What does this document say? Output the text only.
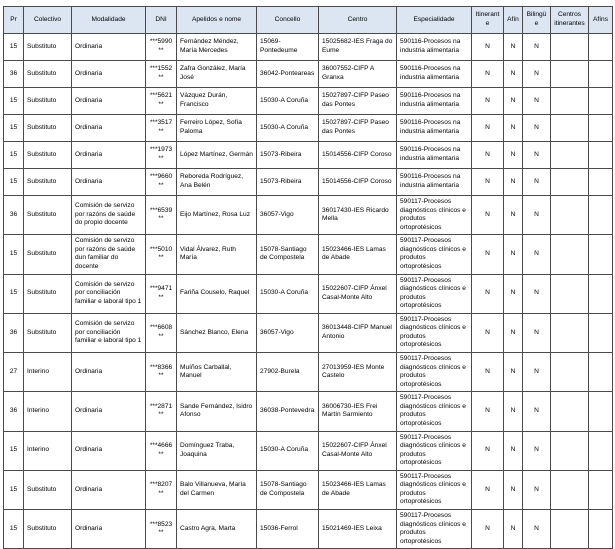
Pr	Colectivo	Modalidade	DNI	Apelidos e nome	Concello	Centro	Especialidade	Itinerante	Afín	Bilingüe	Centros itinerantes	Afíns
15	Substituto	Ordinaria	***5990**	Fernández Méndez, María Mercedes	15069-Pontedeume	15025682-IES Fraga do Eume	590116-Procesos na industria alimentaria	N	N	N		
36	Substituto	Ordinaria	***1552**	Zafra González, María José	36042-Ponteareas	36007552-CIFP A Granxa	590116-Procesos na industria alimentaria	N	N	N		
15	Substituto	Ordinaria	***5621**	Vázquez Durán, Francisco	15030-A Coruña	15027897-CIFP Paseo das Pontes	590116-Procesos na industria alimentaria	N	N	N		
15	Substituto	Ordinaria	***3517**	Ferreiro López, Sofía Paloma	15030-A Coruña	15027897-CIFP Paseo das Pontes	590116-Procesos na industria alimentaria	N	N	N		
15	Substituto	Ordinaria	***1973**	López Martínez, Germán	15073-Ribeira	15014556-CIFP Coroso	590116-Procesos na industria alimentaria	N	N	N		
15	Substituto	Ordinaria	***9660**	Reboreda Rodríguez, Ana Belén	15073-Ribeira	15014556-CIFP Coroso	590116-Procesos na industria alimentaria	N	N	N		
36	Substituto	Comisión de servizo por razóns de saúde do propio docente	***6539**	Eijo Martínez, Rosa Luz	36057-Vigo	36017430-IES Ricardo Mella	590117-Procesos diagnósticos clínicos e produtos ortoprotésicos	N	N	N		
15	Substituto	Comisión de servizo por razóns de saúde dun familiar do docente	***5010**	Vidal Álvarez, Ruth María	15078-Santiago de Compostela	15023466-IES Lamas de Abade	590117-Procesos diagnósticos clínicos e produtos ortoprotésicos	N	N	N		
15	Substituto	Comisión de servizo por conciliación familiar e laboral tipo 1	***9471**	Fariña Couselo, Raquel	15030-A Coruña	15022607-CIFP Ánxel Casal-Monte Alto	590117-Procesos diagnósticos clínicos e produtos ortoprotésicos	N	N	N		
36	Substituto	Comisión de servizo por conciliación familiar e laboral tipo 1	***6608**	Sánchez Blanco, Elena	36057-Vigo	36013448-CIFP Manuel Antonio	590117-Procesos diagnósticos clínicos e produtos ortoprotésicos	N	N	N		
27	Interino	Ordinaria	***8366**	Muíños Carballal, Manuel	27902-Burela	27013959-IES Monte Castelo	590117-Procesos diagnósticos clínicos e produtos ortoprotésicos	N	N	N		
36	Interino	Ordinaria	***2871**	Sande Fernández, Isidro Afonso	36038-Pontevedra	36006730-IES Frei Martín Sarmiento	590117-Procesos diagnósticos clínicos e produtos ortoprotésicos	N	N	N		
15	Interino	Ordinaria	***4666**	Domínguez Traba, Joaquina	15030-A Coruña	15022607-CIFP Ánxel Casal-Monte Alto	590117-Procesos diagnósticos clínicos e produtos ortoprotésicos	N	N	N		
15	Substituto	Ordinaria	***8207**	Balo Villanueva, María del Carmen	15078-Santiago de Compostela	15023466-IES Lamas de Abade	590117-Procesos diagnósticos clínicos e produtos ortoprotésicos	N	N	N		
15	Substituto	Ordinaria	***8523**	Castro Agra, Marta	15036-Ferrol	15021469-IES Leixa	590117-Procesos diagnósticos clínicos e produtos ortoprotésicos	N	N	N		
